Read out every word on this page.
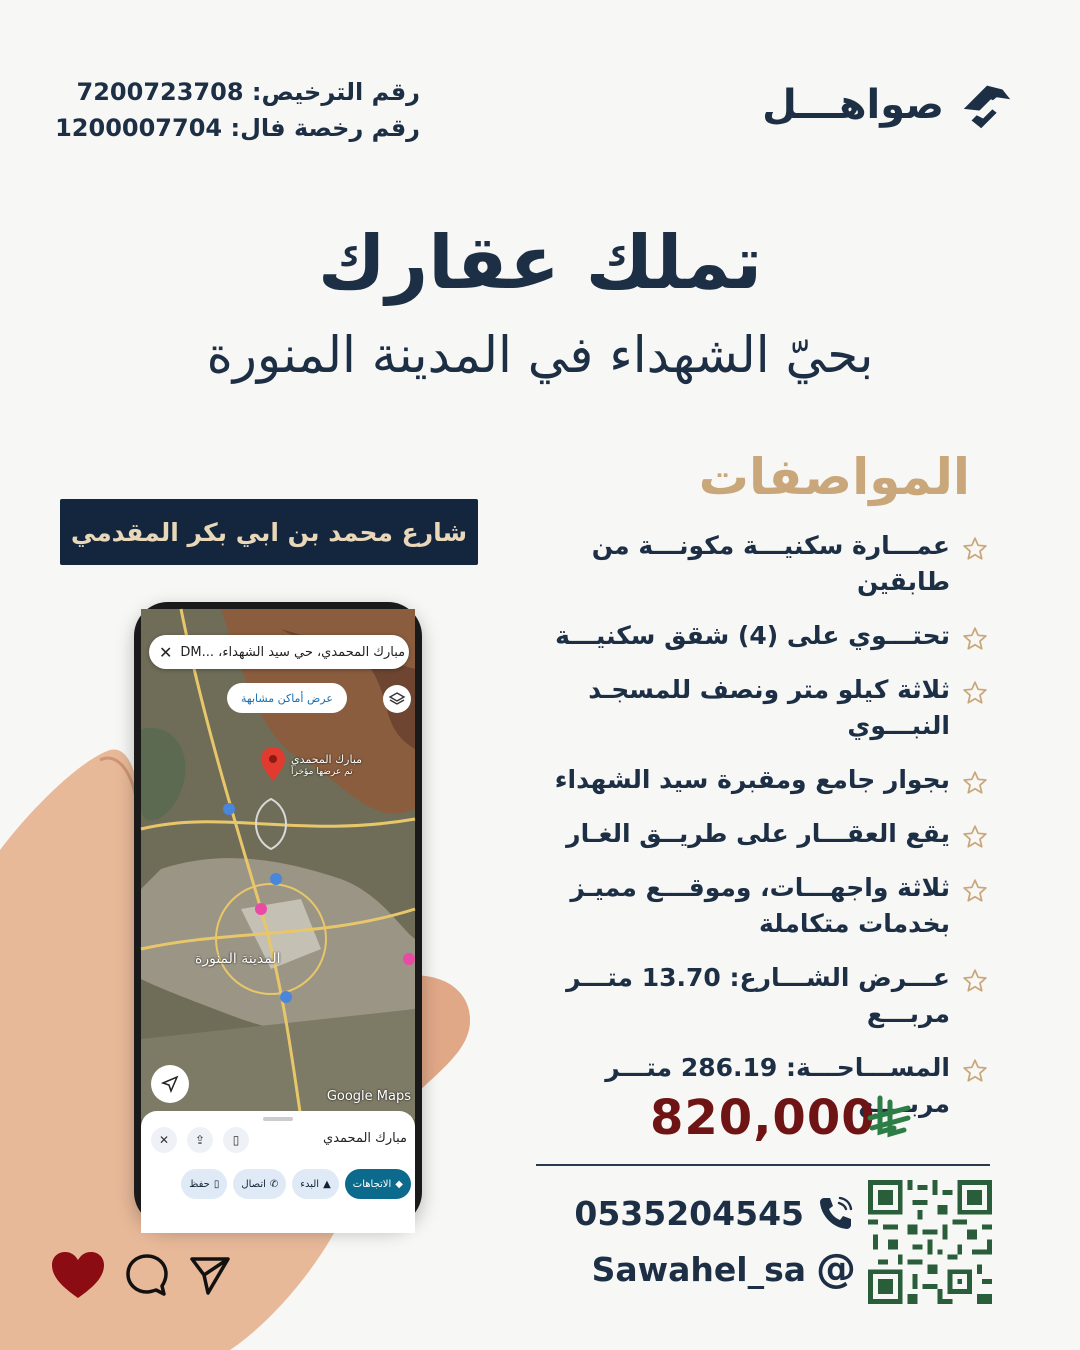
رقم الترخيص: 7200723708
رقم رخصة فال: 1200007704	صواهـــل
تملك عقارك
بحيّ الشهداء في المدينة المنورة
شارع محمد بن ابي بكر المقدمي
المواصفات
عمـــارة سكنيـــة مكونـــة من طابقين
تحتـــوي على (4) شقق سكنيـــة
ثلاثة كيلو متر ونصف للمسجـد النبـــوي
بجوار جامع ومقبرة سيد الشهداء
يقع العقـــار على طريــق الغـار
ثلاثة واجهـــات، وموقـــع مميـز بخدمات متكاملة
عـــرض الشـــارع: 13.70 متـــر مربـــع
المســـاحـــة: 286.19 متـــر مربــــع
مبارك المحمدي
تم عرضها مؤخراً
المدينة المنورة
✕ مبارك المحمدي، حي سيد الشهداء، ...DM
عرض أماكن مشابهة
Google Maps
مبارك المحمدي
✕	⇪	▯
◆
الاتجاهات
▲
البدء
✆
اتصال
▯
حفظ
820,000
0535204545
Sawahel_sa @
